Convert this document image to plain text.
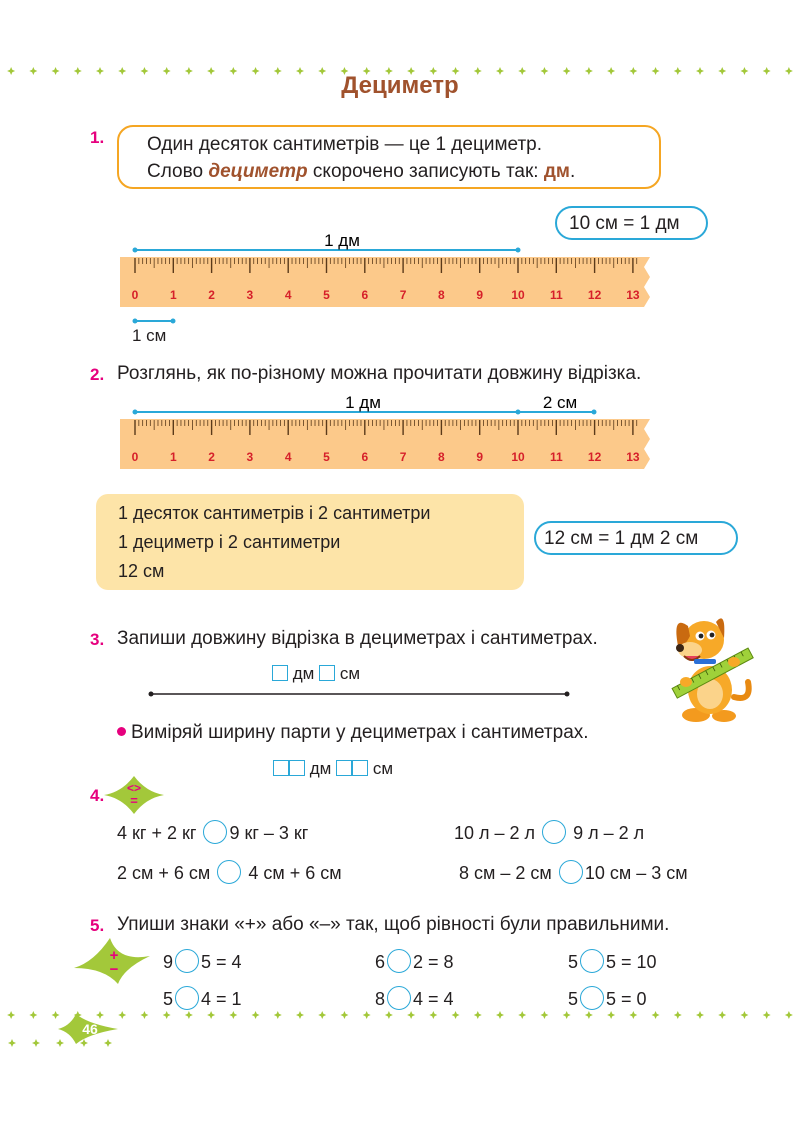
Дециметр
1. Один десяток сантиметрів — це 1 дециметр.
Слово дециметр скорочено записують так: дм.
10 см = 1 дм
1 дм
0	1	2	3	4	5	6	7	8	9 10 11 12 13
1 см
2. Розглянь, як по-різному можна прочитати довжину відрізка.
1 дм	2 см
0	1	2	3	4	5	6	7	8	9 10 11 12 13
1 десяток сантиметрів і 2 сантиметри
1 дециметр і 2 сантиметри
12 см
12 см = 1 дм 2 см
3. Запиши довжину відрізка в дециметрах і сантиметрах.
дм см
Виміряй ширину парти у дециметрах і сантиметрах.
дм см
4. <>
=
4 кг + 2 кг 9 кг – 3 кг	10 л – 2 л 9 л – 2 л
2 см + 6 см 4 см + 6 см	8 см – 2 см 10 см – 3 см
5. Упиши знаки «+» або «–» так, щоб рівності були правильними.
+
− 9 5 = 4	6 2 = 8	5 5 = 10
5 4 = 1	8 4 = 4	5 5 = 0
46
